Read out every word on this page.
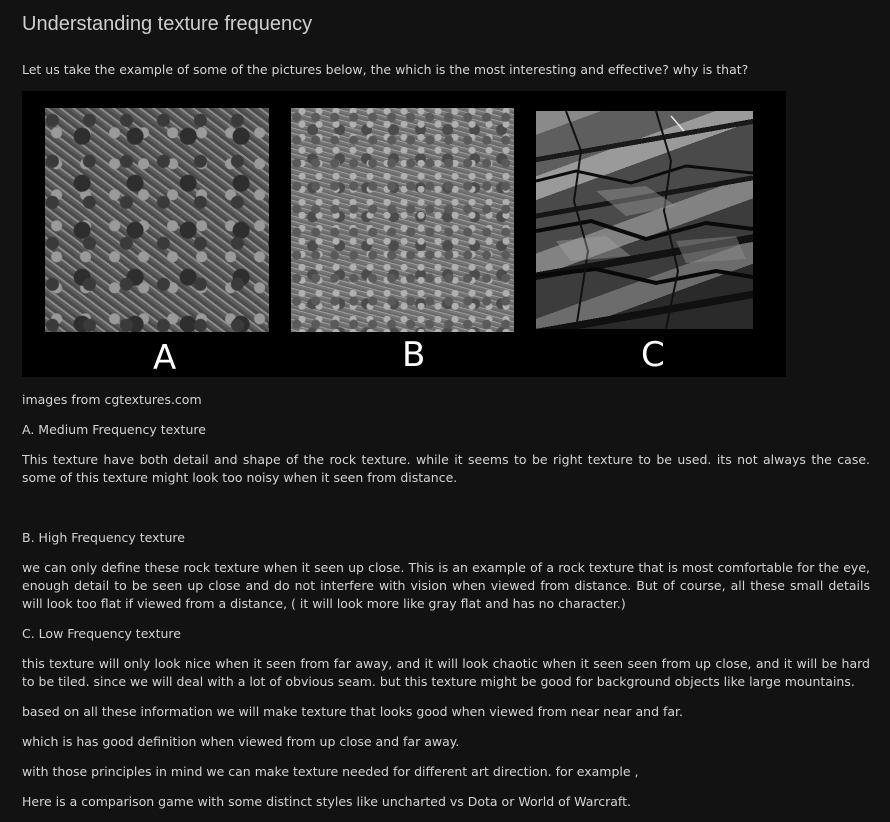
Understanding texture frequency

Let us take the example of some of the pictures below, the which is the most interesting and effective? why is that?

A	B	C

images from cgtextures.com

A. Medium Frequency texture

This texture have both detail and shape of the rock texture. while it seems to be right texture to be used. its not always the case. some of this texture might look too noisy when it seen from distance.

B. High Frequency texture

we can only define these rock texture when it seen up close. This is an example of a rock texture that is most comfortable for the eye, enough detail to be seen up close and do not interfere with vision when viewed from distance. But of course, all these small details will look too flat if viewed from a distance, ( it will look more like gray flat and has no character.)

C. Low Frequency texture

this texture will only look nice when it seen from far away, and it will look chaotic when it seen seen from up close, and it will be hard to be tiled. since we will deal with a lot of obvious seam. but this texture might be good for background objects like large mountains.

based on all these information we will make texture that looks good when viewed from near near and far.

which is has good definition when viewed from up close and far away.

with those principles in mind we can make texture needed for different art direction. for example ,

Here is a comparison game with some distinct styles like uncharted vs Dota or World of Warcraft.
